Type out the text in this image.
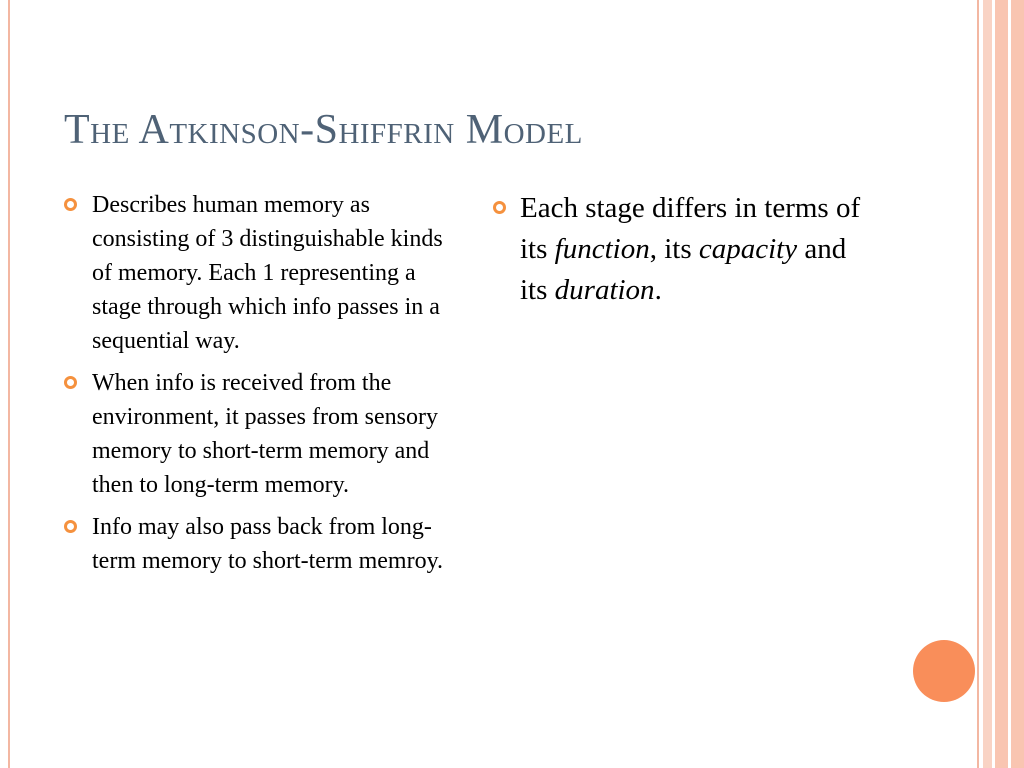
The Atkinson-Shiffrin Model
Describes human memory as consisting of 3 distinguishable kinds of memory. Each 1 representing a stage through which info passes in a sequential way.
When info is received from the environment, it passes from sensory memory to short-term memory and then to long-term memory.
Info may also pass back from long-term memory to short-term memroy.
Each stage differs in terms of its function, its capacity and its duration.
